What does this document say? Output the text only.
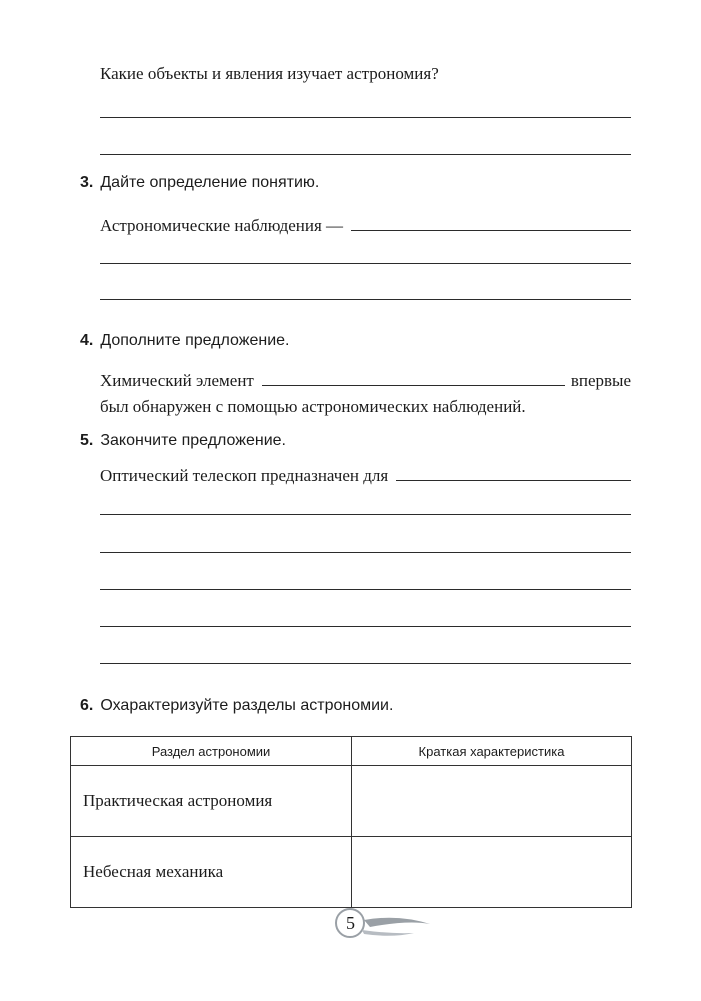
Какие объекты и явления изучает астрономия?
3. Дайте определение понятию.
Астрономические наблюдения —
4. Дополните предложение.
Химический элемент	впервые
был обнаружен с помощью астрономических наблюдений.
5. Закончите предложение.
Оптический телескоп предназначен для
6. Охарактеризуйте разделы астрономии.
Раздел астрономии	Краткая характеристика
Практическая астрономия	
Небесная механика	
5
